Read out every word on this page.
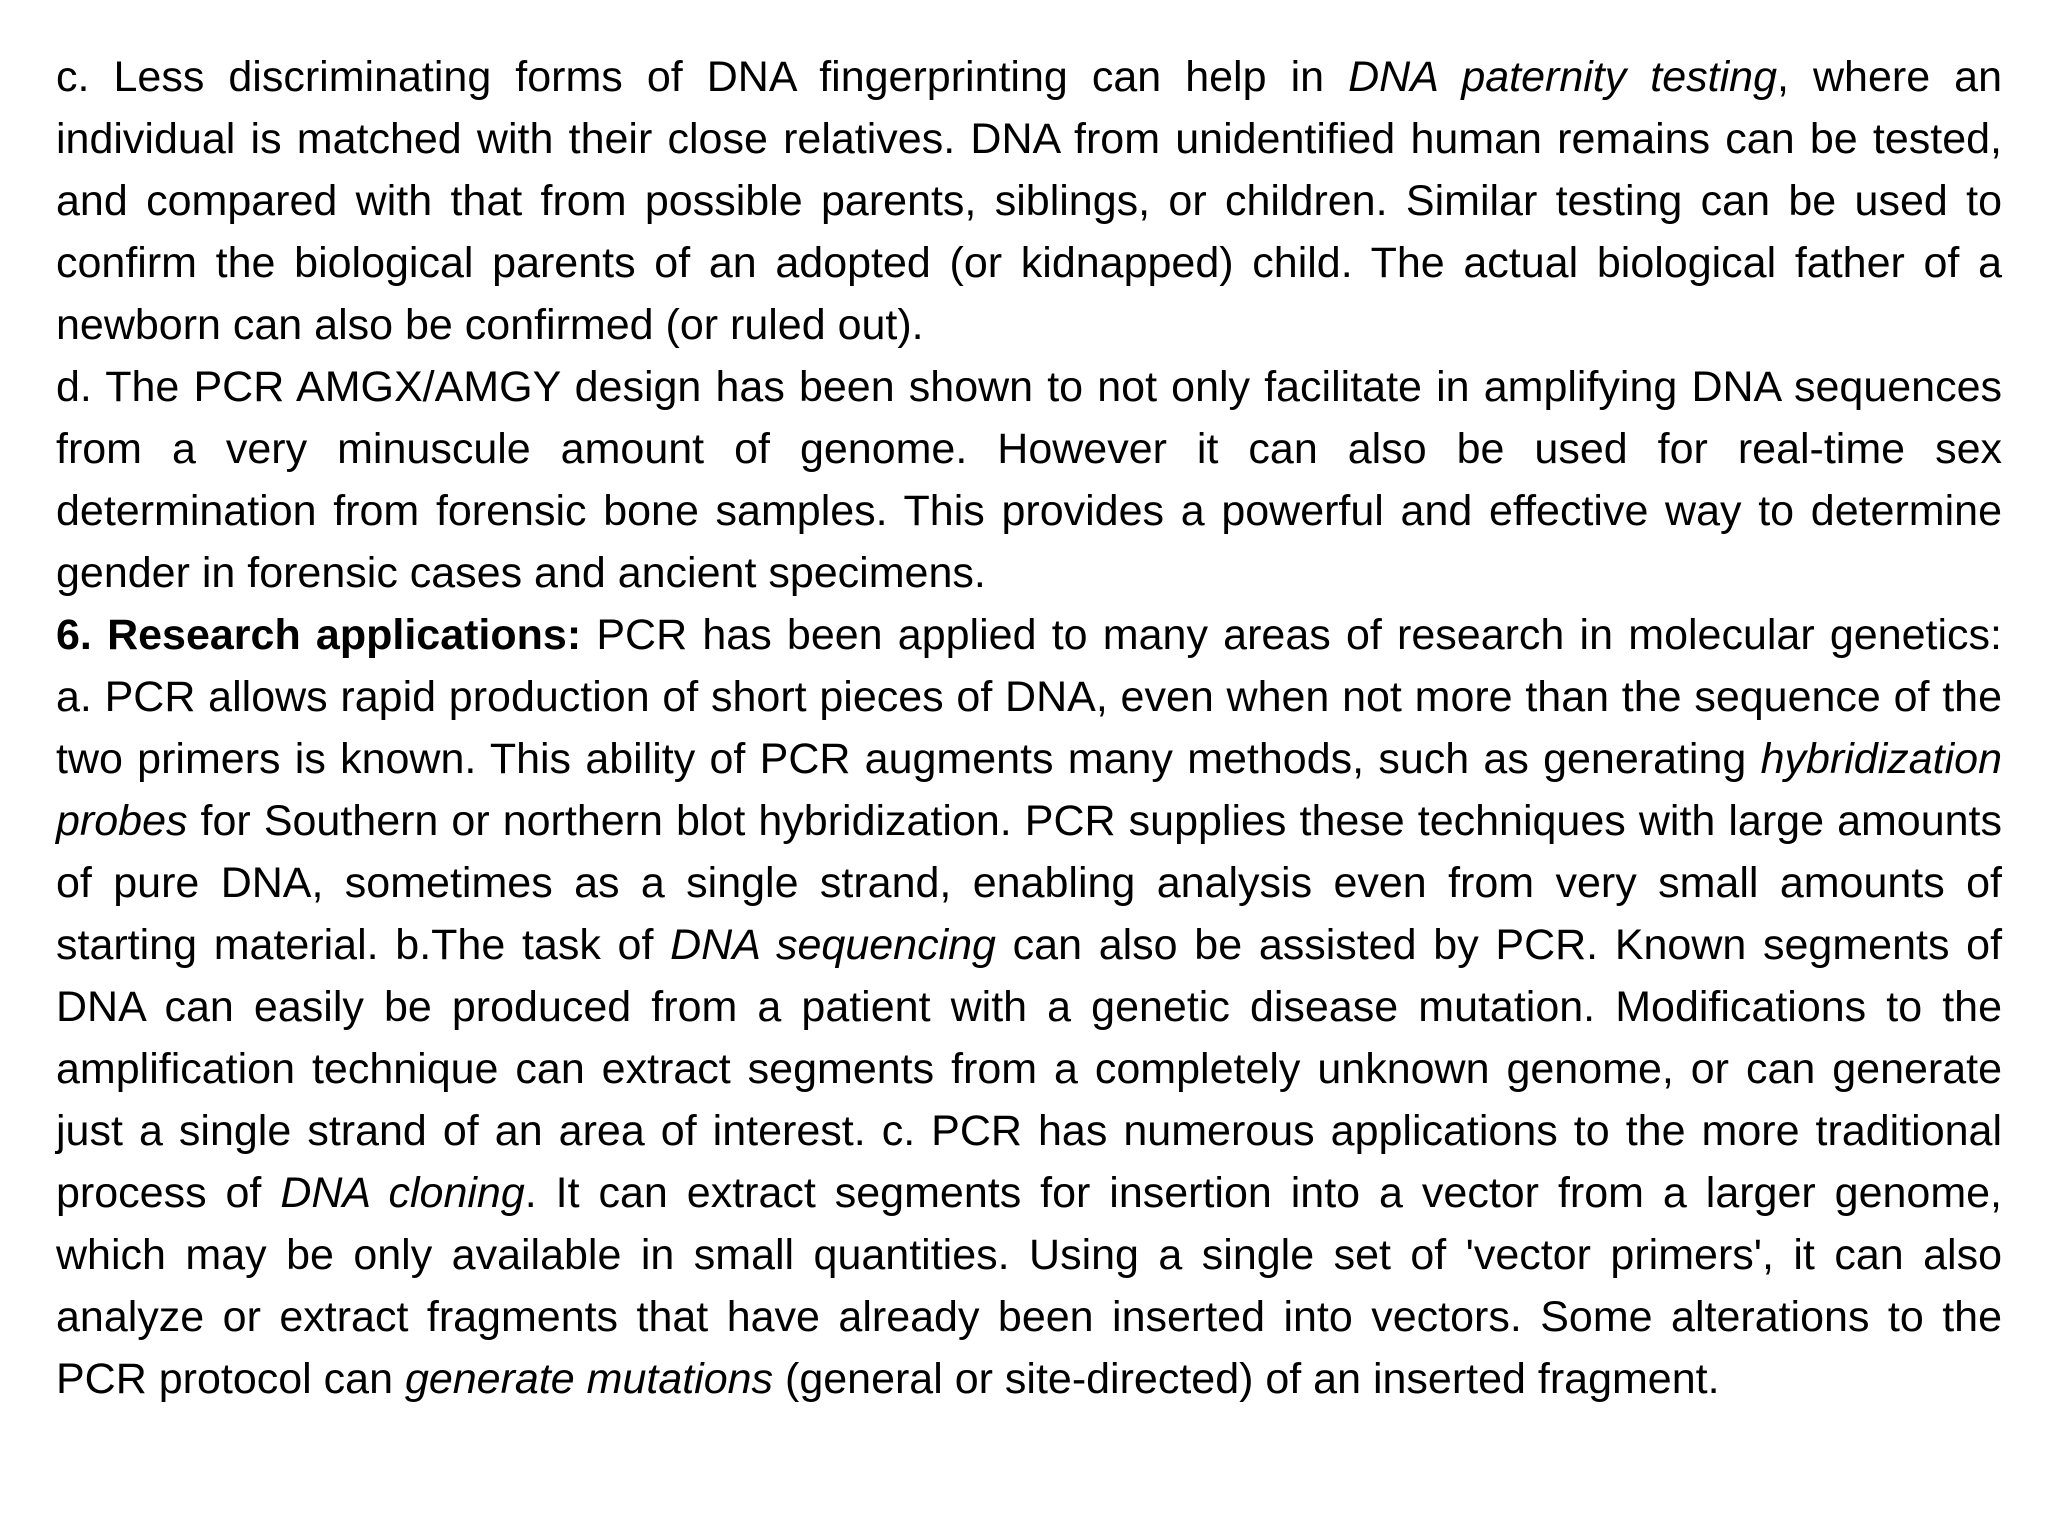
c. Less discriminating forms of DNA fingerprinting can help in DNA paternity testing, where an individual is matched with their close relatives. DNA from unidentified human remains can be tested, and compared with that from possible parents, siblings, or children. Similar testing can be used to confirm the biological parents of an adopted (or kidnapped) child. The actual biological father of a newborn can also be confirmed (or ruled out).

d. The PCR AMGX/AMGY design has been shown to not only facilitate in amplifying DNA sequences from a very minuscule amount of genome. However it can also be used for real-time sex determination from forensic bone samples. This provides a powerful and effective way to determine gender in forensic cases and ancient specimens.

6. Research applications: PCR has been applied to many areas of research in molecular genetics: a. PCR allows rapid production of short pieces of DNA, even when not more than the sequence of the two primers is known. This ability of PCR augments many methods, such as generating hybridization probes for Southern or northern blot hybridization. PCR supplies these techniques with large amounts of pure DNA, sometimes as a single strand, enabling analysis even from very small amounts of starting material. b.The task of DNA sequencing can also be assisted by PCR. Known segments of DNA can easily be produced from a patient with a genetic disease mutation. Modifications to the amplification technique can extract segments from a completely unknown genome, or can generate just a single strand of an area of interest. c. PCR has numerous applications to the more traditional process of DNA cloning. It can extract segments for insertion into a vector from a larger genome, which may be only available in small quantities. Using a single set of 'vector primers', it can also analyze or extract fragments that have already been inserted into vectors. Some alterations to the PCR protocol can generate mutations (general or site-directed) of an inserted fragment.
